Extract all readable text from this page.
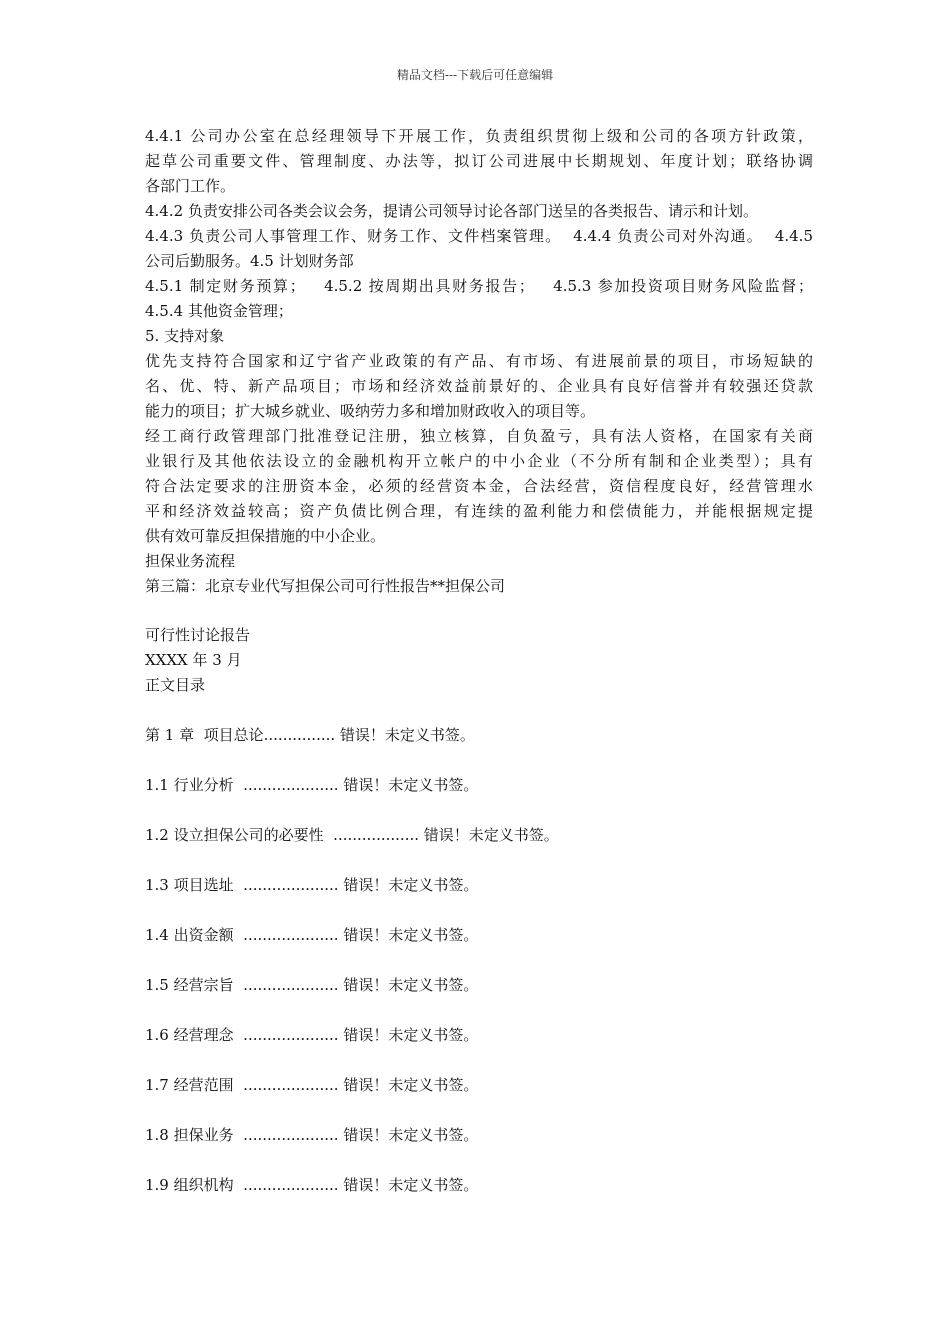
精品文档---下载后可任意编辑

4.4.1 公司办公室在总经理领导下开展工作，负责组织贯彻上级和公司的各项方针政策，

起草公司重要文件、管理制度、办法等，拟订公司进展中长期规划、年度计划；联络协调

各部门工作。

4.4.2 负责安排公司各类会议会务，提请公司领导讨论各部门送呈的各类报告、请示和计划。

4.4.3 负责公司人事管理工作、财务工作、文件档案管理。  4.4.4 负责公司对外沟通。  4.4.5

公司后勤服务。4.5 计划财务部

4.5.1 制定财务预算；   4.5.2 按周期出具财务报告；   4.5.3 参加投资项目财务风险监督；

4.5.4 其他资金管理；

5. 支持对象

优先支持符合国家和辽宁省产业政策的有产品、有市场、有进展前景的项目，市场短缺的

名、优、特、新产品项目；市场和经济效益前景好的、企业具有良好信誉并有较强还贷款

能力的项目；扩大城乡就业、吸纳劳力多和增加财政收入的项目等。

经工商行政管理部门批准登记注册，独立核算，自负盈亏，具有法人资格，在国家有关商

业银行及其他依法设立的金融机构开立帐户的中小企业（不分所有制和企业类型）；具有

符合法定要求的注册资本金，必须的经营资本金，合法经营，资信程度良好，经营管理水

平和经济效益较高；资产负债比例合理，有连续的盈利能力和偿债能力，并能根据规定提

供有效可靠反担保措施的中小企业。

担保业务流程

第三篇：北京专业代写担保公司可行性报告**担保公司

可行性讨论报告

XXXX 年 3 月

正文目录

第 1 章  项目总论............... 错误！未定义书签。
1.1 行业分析  .................... 错误！未定义书签。
1.2 设立担保公司的必要性  .................. 错误！未定义书签。
1.3 项目选址  .................... 错误！未定义书签。
1.4 出资金额  .................... 错误！未定义书签。
1.5 经营宗旨  .................... 错误！未定义书签。
1.6 经营理念  .................... 错误！未定义书签。
1.7 经营范围  .................... 错误！未定义书签。
1.8 担保业务  .................... 错误！未定义书签。
1.9 组织机构  .................... 错误！未定义书签。
